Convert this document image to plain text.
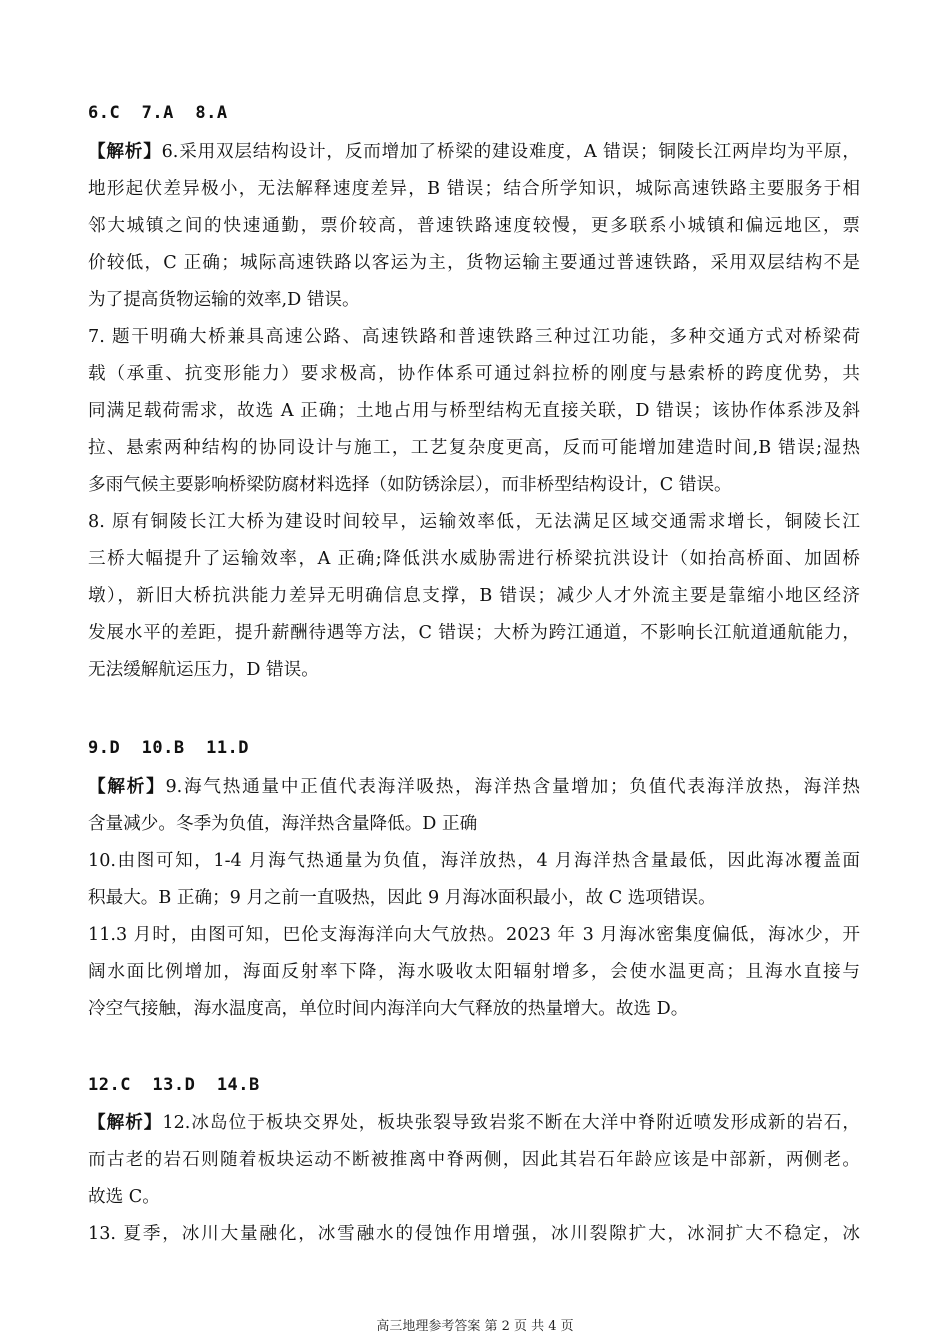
6.C  7.A  8.A
【解析】6.采用双层结构设计，反而增加了桥梁的建设难度，A 错误；铜陵长江两岸均为平原，
地形起伏差异极小，无法解释速度差异，B 错误；结合所学知识，城际高速铁路主要服务于相
邻大城镇之间的快速通勤，票价较高，普速铁路速度较慢，更多联系小城镇和偏远地区，票
价较低，C 正确；城际高速铁路以客运为主，货物运输主要通过普速铁路，采用双层结构不是
为了提高货物运输的效率,D 错误。
7. 题干明确大桥兼具高速公路、高速铁路和普速铁路三种过江功能，多种交通方式对桥梁荷
载（承重、抗变形能力）要求极高，协作体系可通过斜拉桥的刚度与悬索桥的跨度优势，共
同满足载荷需求，故选 A 正确；土地占用与桥型结构无直接关联，D 错误；该协作体系涉及斜
拉、悬索两种结构的协同设计与施工，工艺复杂度更高，反而可能增加建造时间,B 错误;湿热
多雨气候主要影响桥梁防腐材料选择（如防锈涂层），而非桥型结构设计，C 错误。
8. 原有铜陵长江大桥为建设时间较早，运输效率低，无法满足区域交通需求增长，铜陵长江
三桥大幅提升了运输效率，A 正确;降低洪水威胁需进行桥梁抗洪设计（如抬高桥面、加固桥
墩），新旧大桥抗洪能力差异无明确信息支撑，B 错误；减少人才外流主要是靠缩小地区经济
发展水平的差距，提升薪酬待遇等方法，C 错误；大桥为跨江通道，不影响长江航道通航能力，
无法缓解航运压力，D 错误。
9.D  10.B  11.D
【解析】9.海气热通量中正值代表海洋吸热，海洋热含量增加；负值代表海洋放热，海洋热
含量减少。冬季为负值，海洋热含量降低。D 正确
10.由图可知，1-4 月海气热通量为负值，海洋放热，4 月海洋热含量最低，因此海冰覆盖面
积最大。B 正确；9 月之前一直吸热，因此 9 月海冰面积最小，故 C 选项错误。
11.3 月时，由图可知，巴伦支海海洋向大气放热。2023 年 3 月海冰密集度偏低，海冰少，开
阔水面比例增加，海面反射率下降，海水吸收太阳辐射增多，会使水温更高；且海水直接与
冷空气接触，海水温度高，单位时间内海洋向大气释放的热量增大。故选 D。
12.C  13.D  14.B
【解析】12.冰岛位于板块交界处，板块张裂导致岩浆不断在大洋中脊附近喷发形成新的岩石，
而古老的岩石则随着板块运动不断被推离中脊两侧，因此其岩石年龄应该是中部新，两侧老。
故选 C。
13. 夏季，冰川大量融化，冰雪融水的侵蚀作用增强，冰川裂隙扩大，冰洞扩大不稳定，冰
高三地理参考答案 第 2 页 共 4 页
